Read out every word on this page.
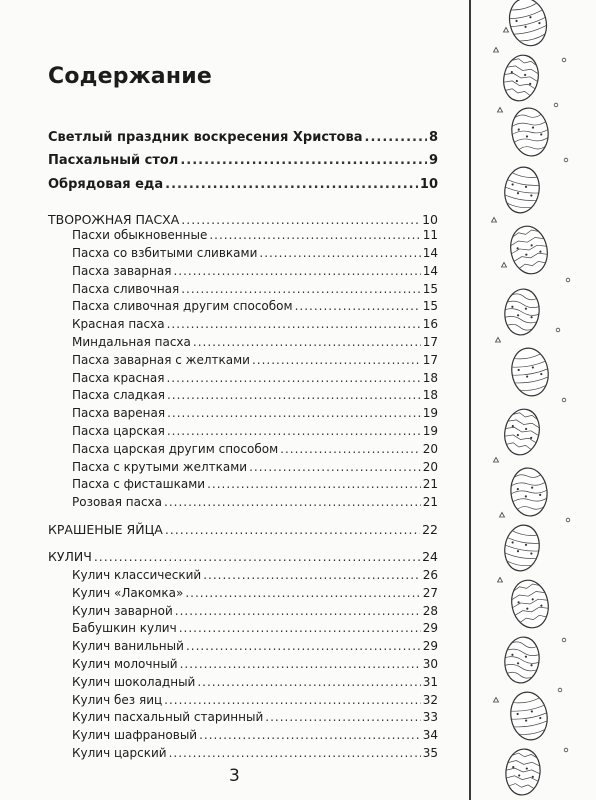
Содержание
Светлый праздник воскресения Христова .....	8
Пасхальный стол .....	9
Обрядовая еда .....	10
ТВОРОЖНАЯ ПАСХА .....	10
Пасхи обыкновенные .....	11
Пасха со взбитыми сливками .....	14
Пасха заварная .....	14
Пасха сливочная .....	15
Пасха сливочная другим способом .....	15
Красная пасха .....	16
Миндальная пасха .....	17
Пасха заварная с желтками .....	17
Пасха красная .....	18
Пасха сладкая .....	18
Пасха вареная .....	19
Пасха царская .....	19
Пасха царская другим способом .....	20
Пасха с крутыми желтками .....	20
Пасха с фисташками .....	21
Розовая пасха .....	21
КРАШЕНЫЕ ЯЙЦА .....	22
КУЛИЧ .....	24
Кулич классический .....	26
Кулич «Лакомка» .....	27
Кулич заварной .....	28
Бабушкин кулич .....	29
Кулич ванильный .....	29
Кулич молочный .....	30
Кулич шоколадный .....	31
Кулич без яиц .....	32
Кулич пасхальный старинный .....	33
Кулич шафрановый .....	34
Кулич царский .....	35
3
